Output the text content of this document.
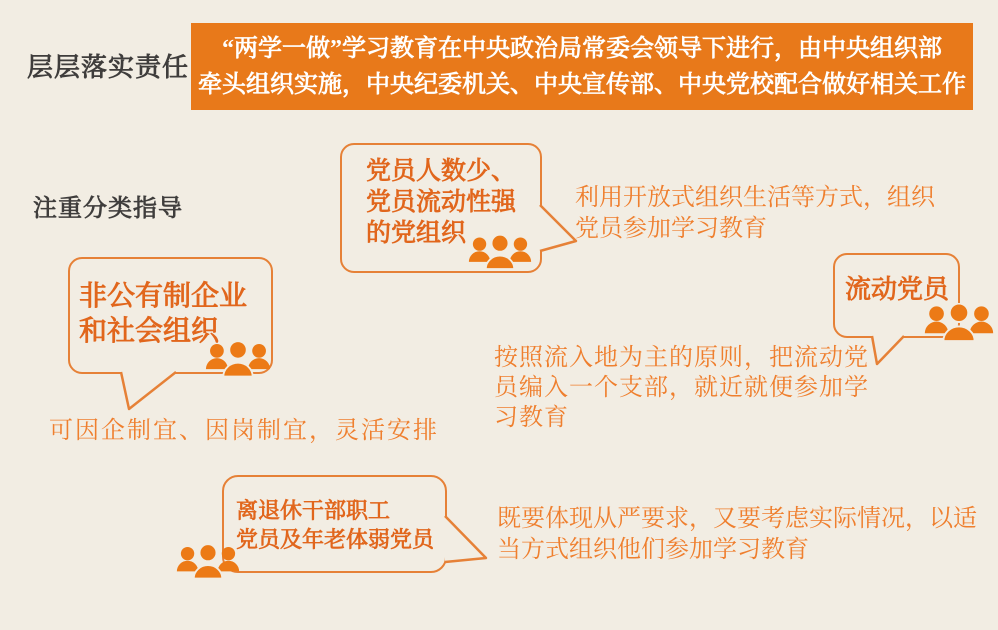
层层落实责任
注重分类指导
“两学一做”学习教育在中央政治局常委会领导下进行，由中央组织部
牵头组织实施，中央纪委机关、中央宣传部、中央党校配合做好相关工作
党员人数少、
党员流动性强
的党组织
利用开放式组织生活等方式，组织
党员参加学习教育
非公有制企业
和社会组织
可因企制宜、因岗制宜，灵活安排
流动党员
按照流入地为主的原则，把流动党
员编入一个支部，就近就便参加学
习教育
离退休干部职工
党员及年老体弱党员
既要体现从严要求，又要考虑实际情况，以适
当方式组织他们参加学习教育
